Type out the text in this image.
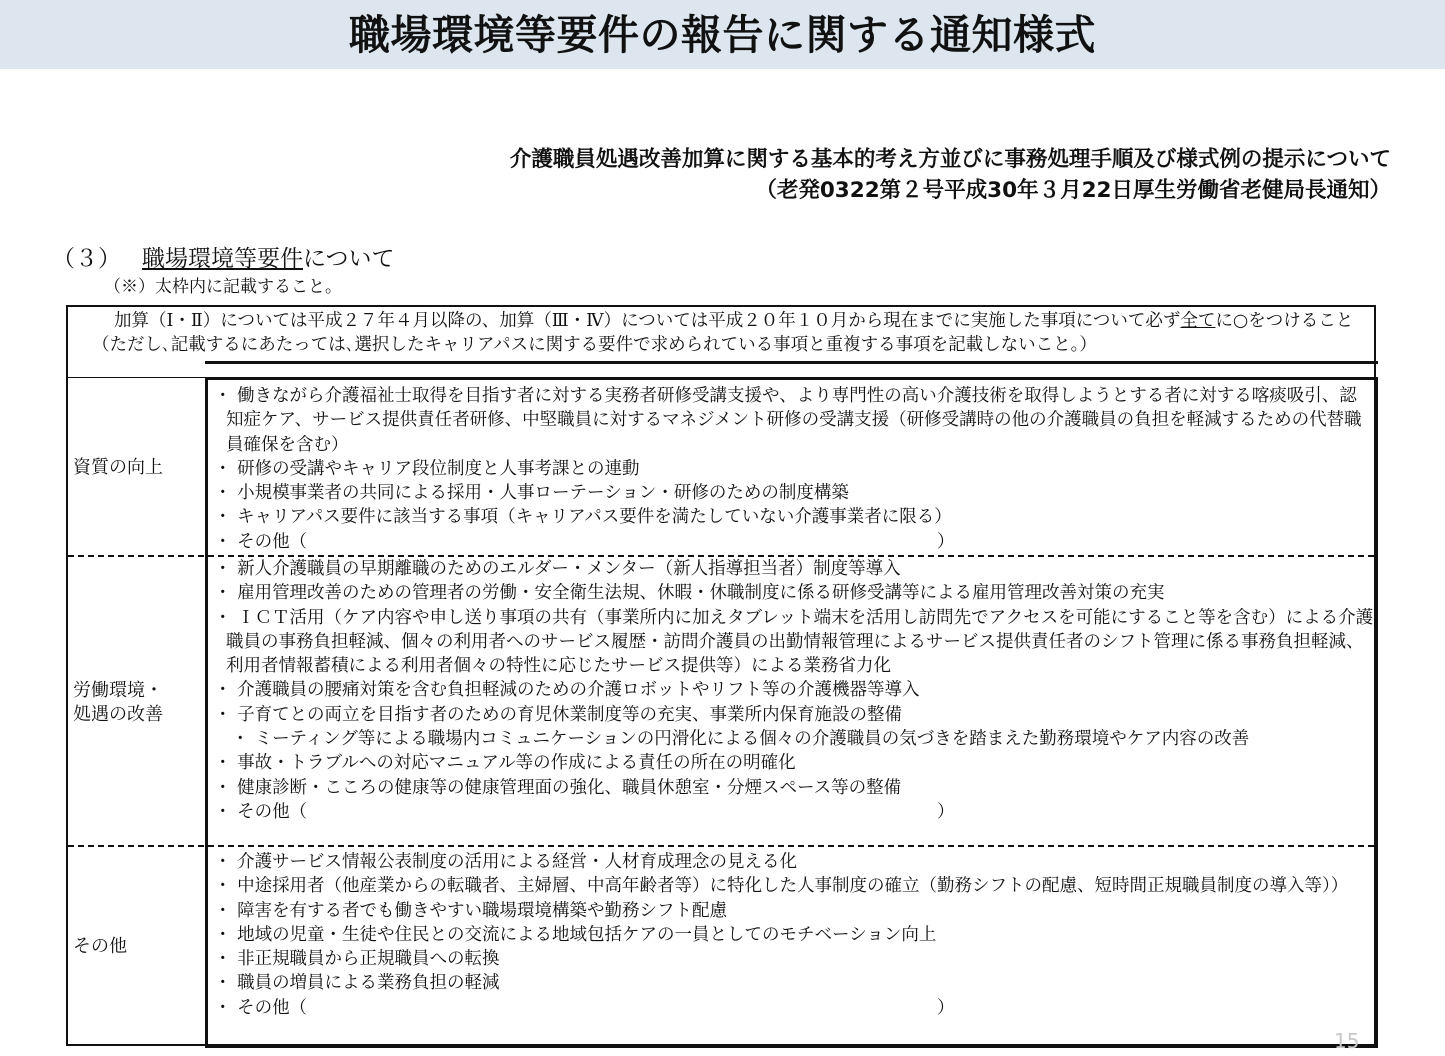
職場環境等要件の報告に関する通知様式
介護職員処遇改善加算に関する基本的考え方並びに事務処理手順及び様式例の提示について
（老発0322第２号平成30年３月22日厚生労働省老健局長通知）
（３） 職場環境等要件について
（※）太枠内に記載すること。
加算（Ⅰ・Ⅱ）については平成２７年４月以降の、加算（Ⅲ・Ⅳ）については平成２０年１０月から現在までに実施した事項について必ず全てに○をつけること（ただし､記載するにあたっては､選択したキャリアパスに関する要件で求められている事項と重複する事項を記載しないこと。）
資質の向上
・ 働きながら介護福祉士取得を目指す者に対する実務者研修受講支援や、より専門性の高い介護技術を取得しようとする者に対する喀痰吸引、認知症ケア、サービス提供責任者研修、中堅職員に対するマネジメント研修の受講支援（研修受講時の他の介護職員の負担を軽減するための代替職員確保を含む）
・ 研修の受講やキャリア段位制度と人事考課との連動
・ 小規模事業者の共同による採用・人事ローテーション・研修のための制度構築
・ キャリアパス要件に該当する事項（キャリアパス要件を満たしていない介護事業者に限る）
・ その他（　　　　　　　　　　　　　　　　　　　　　　　　　　　　　　　　　　　　）
労働環境・
処遇の改善
・ 新人介護職員の早期離職のためのエルダー・メンター（新人指導担当者）制度等導入
・ 雇用管理改善のための管理者の労働・安全衛生法規、休暇・休職制度に係る研修受講等による雇用管理改善対策の充実
・ ＩＣＴ活用（ケア内容や申し送り事項の共有（事業所内に加えタブレット端末を活用し訪問先でアクセスを可能にすること等を含む）による介護職員の事務負担軽減、個々の利用者へのサービス履歴・訪問介護員の出勤情報管理によるサービス提供責任者のシフト管理に係る事務負担軽減、利用者情報蓄積による利用者個々の特性に応じたサービス提供等）による業務省力化
・ 介護職員の腰痛対策を含む負担軽減のための介護ロボットやリフト等の介護機器等導入
・ 子育てとの両立を目指す者のための育児休業制度等の充実、事業所内保育施設の整備
　・ ミーティング等による職場内コミュニケーションの円滑化による個々の介護職員の気づきを踏まえた勤務環境やケア内容の改善
・ 事故・トラブルへの対応マニュアル等の作成による責任の所在の明確化
・ 健康診断・こころの健康等の健康管理面の強化、職員休憩室・分煙スペース等の整備
・ その他（　　　　　　　　　　　　　　　　　　　　　　　　　　　　　　　　　　　　）
その他
・ 介護サービス情報公表制度の活用による経営・人材育成理念の見える化
・ 中途採用者（他産業からの転職者、主婦層、中高年齢者等）に特化した人事制度の確立（勤務シフトの配慮、短時間正規職員制度の導入等））
・ 障害を有する者でも働きやすい職場環境構築や勤務シフト配慮
・ 地域の児童・生徒や住民との交流による地域包括ケアの一員としてのモチベーション向上
・ 非正規職員から正規職員への転換
・ 職員の増員による業務負担の軽減
・ その他（　　　　　　　　　　　　　　　　　　　　　　　　　　　　　　　　　　　　）
15
